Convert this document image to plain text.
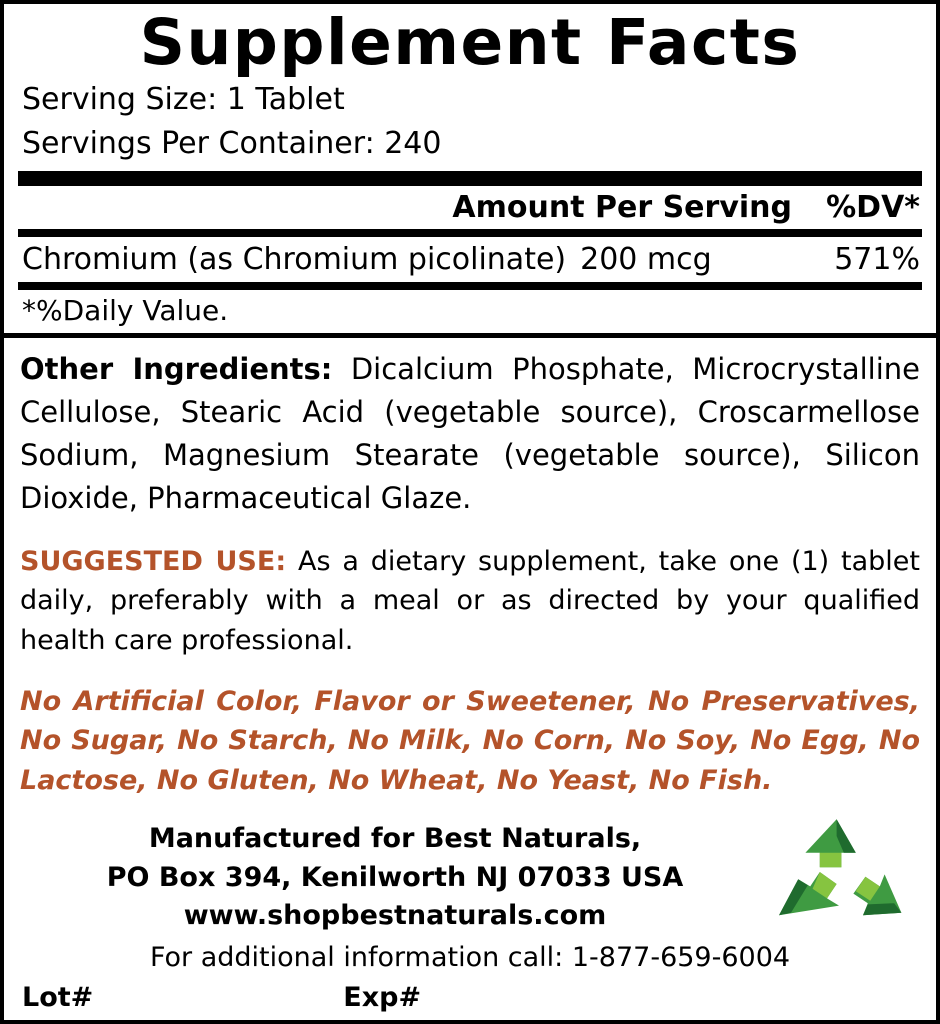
Supplement Facts
Serving Size: 1 Tablet
Servings Per Container: 240
Amount Per Serving %DV*
Chromium (as Chromium picolinate) 200 mcg	571%
*%Daily Value.
Other Ingredients: Dicalcium Phosphate, Microcrystalline Cellulose, Stearic Acid (vegetable source), Croscarmellose Sodium, Magnesium Stearate (vegetable source), Silicon Dioxide, Pharmaceutical Glaze.
SUGGESTED USE: As a dietary supplement, take one (1) tablet daily, preferably with a meal or as directed by your qualified health care professional.
No Artificial Color, Flavor or Sweetener, No Preservatives, No Sugar, No Starch, No Milk, No Corn, No Soy, No Egg, No Lactose, No Gluten, No Wheat, No Yeast, No Fish.
Manufactured for Best Naturals,
PO Box 394, Kenilworth NJ 07033 USA
www.shopbestnaturals.com
For additional information call: 1-877-659-6004
Lot#	Exp#
